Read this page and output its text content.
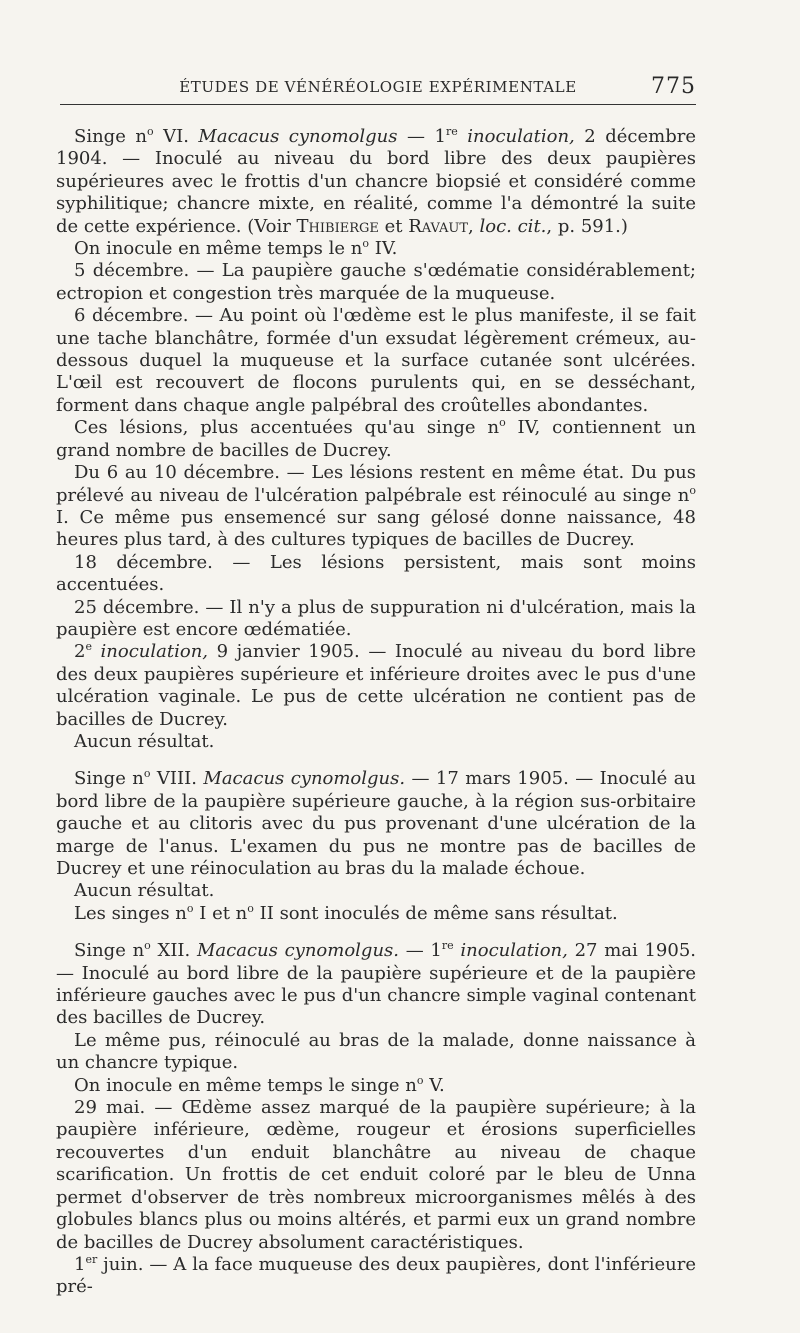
ÉTUDES DE VÉNÉRÉOLOGIE EXPÉRIMENTALE	775

Singe $n^o$ VI. Macacus cynomolgus — 1re inoculation, 2 décembre 1904. — Inoculé au niveau du bord libre des deux paupières supérieures avec le frottis d'un chancre biopsié et considéré comme syphilitique; chancre mixte, en réalité, comme l'a démontré la suite de cette expérience. (Voir Thibierge et Ravaut, loc. cit., p. 591.)

On inocule en même temps le $n^o$ IV.

5 décembre. — La paupière gauche s'œdématie considérablement; ectropion et congestion très marquée de la muqueuse.

6 décembre. — Au point où l'œdème est le plus manifeste, il se fait une tache blanchâtre, formée d'un exsudat légèrement crémeux, au-dessous duquel la muqueuse et la surface cutanée sont ulcérées. L'œil est recouvert de flocons purulents qui, en se desséchant, forment dans chaque angle palpébral des croûtelles abondantes.

Ces lésions, plus accentuées qu'au singe $n^o$ IV, contiennent un grand nombre de bacilles de Ducrey.

Du 6 au 10 décembre. — Les lésions restent en même état. Du pus prélevé au niveau de l'ulcération palpébrale est réinoculé au singe $n^o$ I. Ce même pus ensemencé sur sang gélosé donne naissance, 48 heures plus tard, à des cultures typiques de bacilles de Ducrey.

18 décembre. — Les lésions persistent, mais sont moins accentuées.

25 décembre. — Il n'y a plus de suppuration ni d'ulcération, mais la paupière est encore œdématiée.

2e inoculation, 9 janvier 1905. — Inoculé au niveau du bord libre des deux paupières supérieure et inférieure droites avec le pus d'une ulcération vaginale. Le pus de cette ulcération ne contient pas de bacilles de Ducrey.

Aucun résultat.

Singe $n^o$ VIII. Macacus cynomolgus. — 17 mars 1905. — Inoculé au bord libre de la paupière supérieure gauche, à la région sus-orbitaire gauche et au clitoris avec du pus provenant d'une ulcération de la marge de l'anus. L'examen du pus ne montre pas de bacilles de Ducrey et une réinoculation au bras du la malade échoue.

Aucun résultat.

Les singes $n^o$ I et $n^o$ II sont inoculés de même sans résultat.

Singe $n^o$ XII. Macacus cynomolgus. — 1re inoculation, 27 mai 1905. — Inoculé au bord libre de la paupière supérieure et de la paupière inférieure gauches avec le pus d'un chancre simple vaginal contenant des bacilles de Ducrey.

Le même pus, réinoculé au bras de la malade, donne naissance à un chancre typique.

On inocule en même temps le singe $n^o$ V.

29 mai. — Œdème assez marqué de la paupière supérieure; à la paupière inférieure, œdème, rougeur et érosions superficielles recouvertes d'un enduit blanchâtre au niveau de chaque scarification. Un frottis de cet enduit coloré par le bleu de Unna permet d'observer de très nombreux microorganismes mêlés à des globules blancs plus ou moins altérés, et parmi eux un grand nombre de bacilles de Ducrey absolument caractéristiques.

1er juin. — A la face muqueuse des deux paupières, dont l'inférieure pré-
